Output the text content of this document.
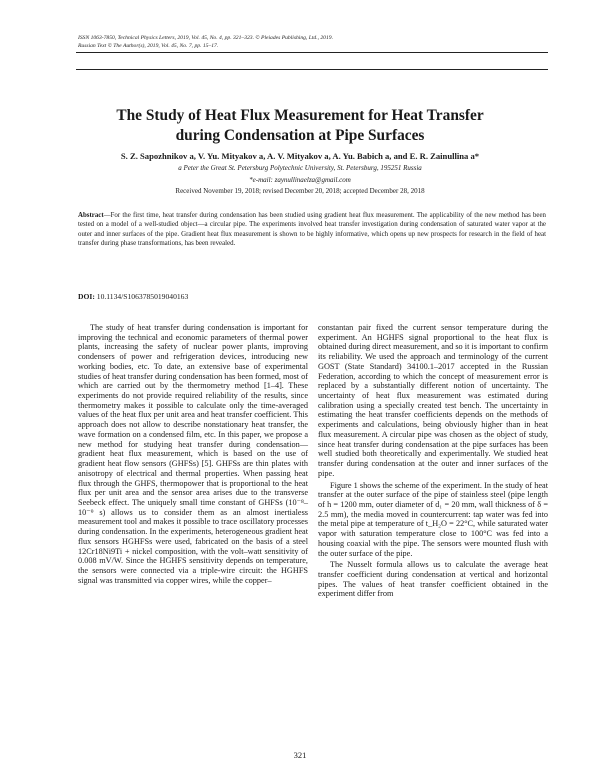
ISSN 1063-7850, Technical Physics Letters, 2019, Vol. 45, No. 4, pp. 321–323. © Pleiades Publishing, Ltd., 2019.
Russian Text © The Author(s), 2019, Vol. 45, No. 7, pp. 15–17.
The Study of Heat Flux Measurement for Heat Transfer
during Condensation at Pipe Surfaces
S. Z. Sapozhnikov a, V. Yu. Mityakov a, A. V. Mityakov a, A. Yu. Babich a, and E. R. Zainullina a*
a Peter the Great St. Petersburg Polytechnic University, St. Petersburg, 195251 Russia
*e-mail: zaynullinaelza@gmail.com
Received November 19, 2018; revised December 20, 2018; accepted December 28, 2018
Abstract—For the first time, heat transfer during condensation has been studied using gradient heat flux measurement. The applicability of the new method has been tested on a model of a well-studied object—a circular pipe. The experiments involved heat transfer investigation during condensation of saturated water vapor at the outer and inner surfaces of the pipe. Gradient heat flux measurement is shown to be highly informative, which opens up new prospects for research in the field of heat transfer during phase transformations, has been revealed.
DOI: 10.1134/S1063785019040163

The study of heat transfer during condensation is important for improving the technical and economic parameters of thermal power plants, increasing the safety of nuclear power plants, improving condensers of power and refrigeration devices, introducing new working bodies, etc. To date, an extensive base of experimental studies of heat transfer during condensation has been formed, most of which are carried out by the thermometry method [1–4]. These experiments do not provide required reliability of the results, since thermometry makes it possible to calculate only the time-averaged values of the heat flux per unit area and heat transfer coefficient. This approach does not allow to describe nonstationary heat transfer, the wave formation on a condensed film, etc. In this paper, we propose a new method for studying heat transfer during condensation—gradient heat flux measurement, which is based on the use of gradient heat flow sensors (GHFSs) [5]. GHFSs are thin plates with anisotropy of electrical and thermal properties. When passing heat flux through the GHFS, thermopower that is proportional to the heat flux per unit area and the sensor area arises due to the transverse Seebeck effect. The uniquely small time constant of GHFSs (10⁻⁸–10⁻⁹ s) allows us to consider them as an almost inertialess measurement tool and makes it possible to trace oscillatory processes during condensation. In the experiments, heterogeneous gradient heat flux sensors HGHFSs were used, fabricated on the basis of a steel 12Cr18Ni9Ti + nickel composition, with the volt–watt sensitivity of 0.008 mV/W. Since the HGHFS sensitivity depends on temperature, the sensors were connected via a triple-wire circuit: the HGHFS signal was transmitted via copper wires, while the copper–

constantan pair fixed the current sensor temperature during the experiment. An HGHFS signal proportional to the heat flux is obtained during direct measurement, and so it is important to confirm its reliability. We used the approach and terminology of the current GOST (State Standard) 34100.1–2017 accepted in the Russian Federation, according to which the concept of measurement error is replaced by a substantially different notion of uncertainty. The uncertainty of heat flux measurement was estimated during calibration using a specially created test bench. The uncertainty in estimating the heat transfer coefficients depends on the methods of experiments and calculations, being obviously higher than in heat flux measurement. A circular pipe was chosen as the object of study, since heat transfer during condensation at the pipe surfaces has been well studied both theoretically and experimentally. We studied heat transfer during condensation at the outer and inner surfaces of the pipe.

Figure 1 shows the scheme of the experiment. In the study of heat transfer at the outer surface of the pipe of stainless steel (pipe length of h = 1200 mm, outer diameter of d₁ = 20 mm, wall thickness of δ = 2.5 mm), the media moved in countercurrent: tap water was fed into the metal pipe at temperature of t_H₂O = 22°C, while saturated water vapor with saturation temperature close to 100°C was fed into a housing coaxial with the pipe. The sensors were mounted flush with the outer surface of the pipe.

The Nusselt formula allows us to calculate the average heat transfer coefficient during condensation at vertical and horizontal pipes. The values of heat transfer coefficient obtained in the experiment differ from

321
